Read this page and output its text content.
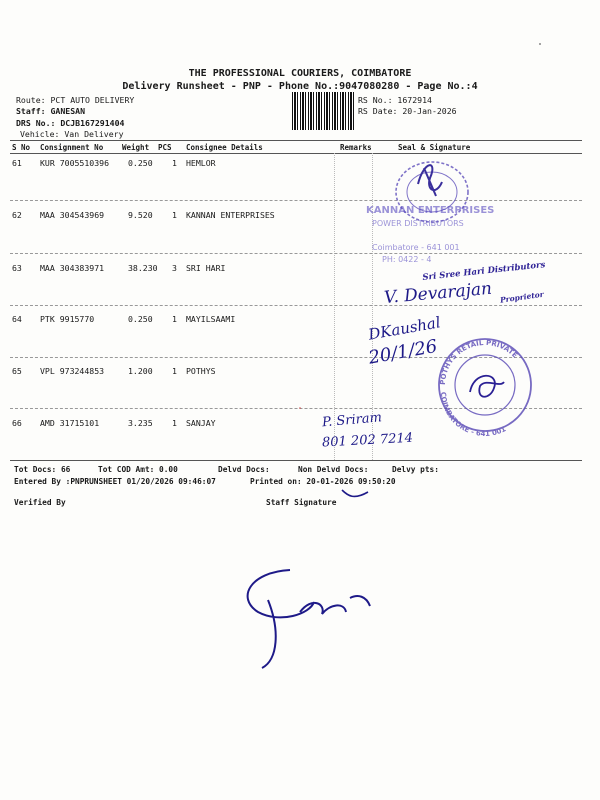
THE PROFESSIONAL COURIERS, COIMBATORE
Delivery Runsheet - PNP - Phone No.:9047080280 - Page No.:4
Route: PCT AUTO DELIVERY
Staff: GANESAN
DRS No.: DCJB167291404
Vehicle: Van Delivery
RS No.: 1672914
RS Date: 20-Jan-2026
S No Consignment No	Weight PCS Consignee Details	Remarks	Seal & Signature
61 KUR 7005510396 0.250 1 HEMLOR
62 MAA 304543969	9.520 1 KANNAN ENTERPRISES
63 MAA 304383971	38.230 3 SRI HARI
64 PTK 9915770	0.250 1 MAYILSAAMI
65 VPL 973244853	1.200 1 POTHYS
66 AMD 31715101	3.235 1 SANJAY
Tot Docs: 66	Tot COD Amt: 0.00	Delvd Docs:	Non Delvd Docs:	Delvy pts:
Entered By :PNPRUNSHEET 01/20/2026 09:46:07	Printed on: 20-01-2026 09:50:20
Verified By	Staff Signature
KANNAN ENTERPRISES
POWER DISTRIBUTORS
Coimbatore - 641 001
PH: 0422 - 4
Sri Sree Hari Distributors
V. Devarajan Proprietor
DKaushal
20/1/26
POTHYS RETAIL PRIVATE
COIMBATORE - 641 001
P. Sriram
801 202 7214
